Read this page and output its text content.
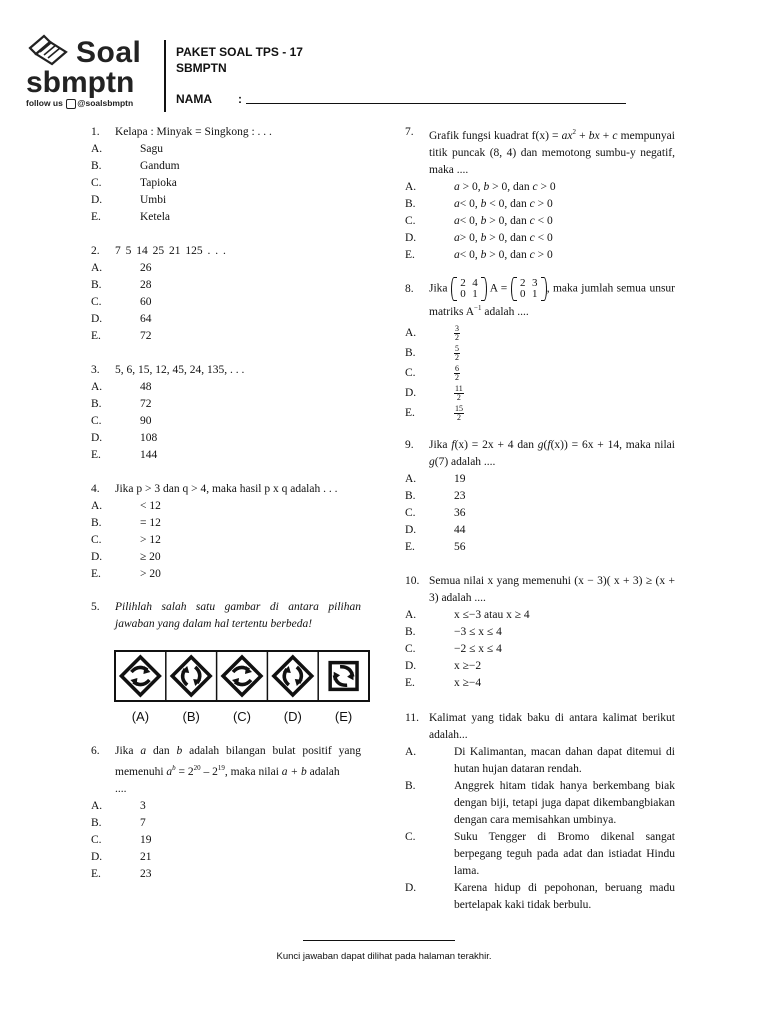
Soal
sbmptn
follow us @soalsbmptn
PAKET SOAL TPS - 17
SBMPTN
NAMA :
1. Kelapa : Minyak = Singkong : . . .
A.	Sagu
B.	Gandum
C.	Tapioka
D.	Umbi
E.	Ketela
2. 7 5 14 25 21 125 . . .
A.	26
B.	28
C.	60
D.	64
E.	72
3. 5, 6, 15, 12, 45, 24, 135, . . .
A.	48
B.	72
C.	90
D.	108
E.	144
4. Jika p > 3 dan q > 4, maka hasil p x q adalah . . .
A.	< 12
B.	= 12
C.	> 12
D.	≥ 20
E.	> 20
5. Pilihlah salah satu gambar di antara pilihan jawaban yang dalam hal tertentu berbeda!
(A)	(B)	(C)	(D)	(E)
6. Jika a dan b adalah bilangan bulat positif yang memenuhi $a^b = 2^{20} - 2^{19}$, maka nilai a + b adalah
....
A.	3
B.	7
C.	19
D.	21
E.	23
7. Grafik fungsi kuadrat $f(x) = ax^2$ + bx + c mempunyai titik puncak (8, 4) dan memotong sumbu-y negatif, maka ....
A.	a > 0, b > 0, dan c > 0
B.	a< 0, b < 0, dan c > 0
C.	a< 0, b > 0, dan c < 0
D.	a> 0, b > 0, dan c < 0
E.	a< 0, b > 0, dan c > 0
8. Jika 2 4
0 1 A = 2 3
0 1 , maka jumlah semua unsur matriks $A^{-1}$ adalah ....
A.	$\frac{3}{2}$
B.	$\frac{5}{2}$
C.	$\frac{6}{2}$
D.	$\frac{11}{2}$
E.	$\frac{15}{2}$
9. Jika f(x) = 2x + 4 dan g(f(x)) = 6x + 14, maka nilai g(7) adalah ....
A.	19
B.	23
C.	36
D.	44
E.	56
10. Semua nilai x yang memenuhi (x − 3)( x + 3) ≥ (x + 3) adalah ....
A.	x ≤−3 atau x ≥ 4
B.	−3 ≤ x ≤ 4
C.	−2 ≤ x ≤ 4
D.	x ≥−2
E.	x ≥−4
11. Kalimat yang tidak baku di antara kalimat berikut adalah...
A.	Di Kalimantan, macan dahan dapat ditemui di hutan hujan dataran rendah.
B.	Anggrek hitam tidak hanya berkembang biak dengan biji, tetapi juga dapat dikembangbiakan dengan cara memisahkan umbinya.
C.	Suku Tengger di Bromo dikenal sangat berpegang teguh pada adat dan istiadat Hindu lama.
D.	Karena hidup di pepohonan, beruang madu bertelapak kaki tidak berbulu.
Kunci jawaban dapat dilihat pada halaman terakhir.
